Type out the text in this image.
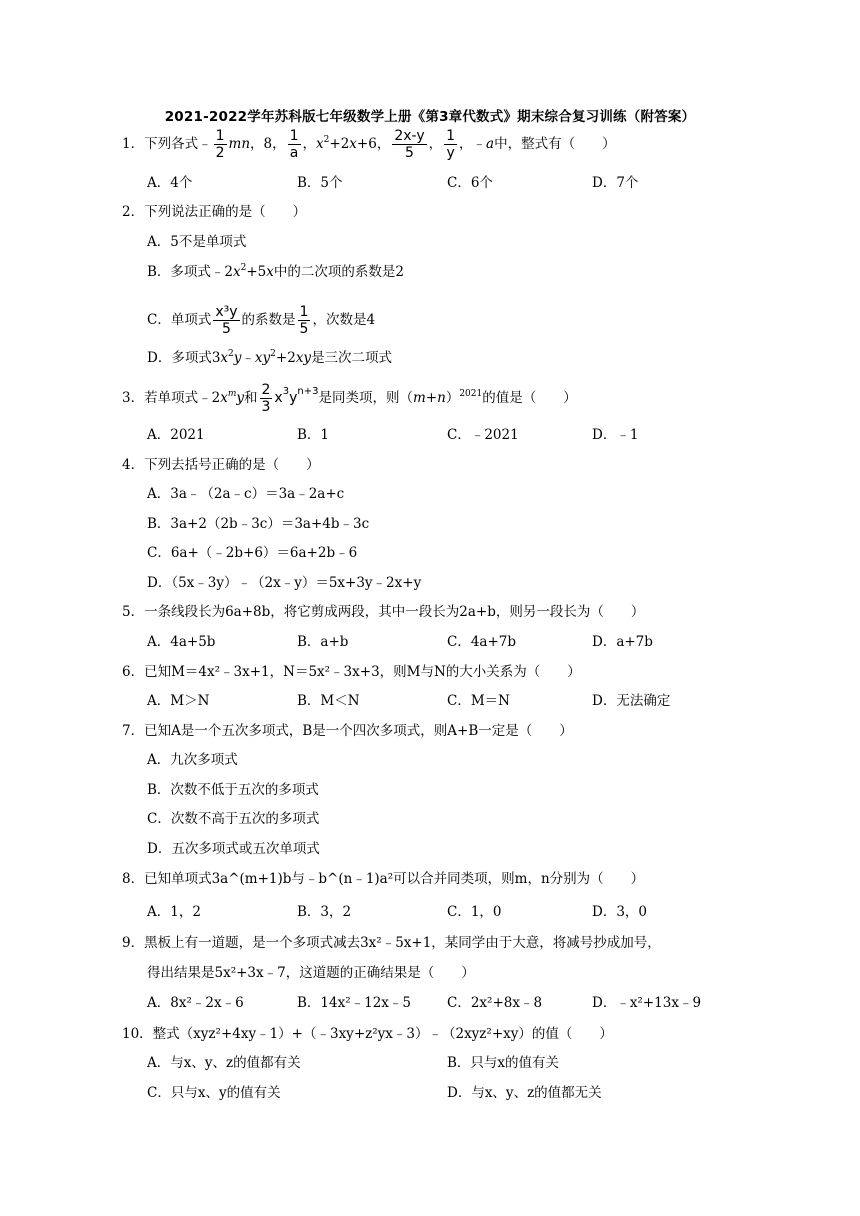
2021-2022学年苏科版七年级数学上册《第3章代数式》期末综合复习训练（附答案）
1．下列各式﹣ $\frac{1}{2}$ mn，8， $\frac{1}{a}$ ，$x^2+2x+6$， $\frac{2x-y}{5}$ ， $\frac{1}{y}$ ，﹣a中，整式有（　　）
A．4个	B．5个	C．6个	D．7个
2．下列说法正确的是（　　）
A．5不是单项式
B．多项式$﹣2x^2+5x$中的二次项的系数是2
C．单项式 $\frac{\text{x³y}}{5}$ 的系数是 $\frac{1}{5}$ ，次数是4
D．多项式$3x^2y﹣xy^2+2xy$是三次二项式
3．若单项式$﹣2x^my$和 $\frac{2}{3} x^3y^{n+3}$是同类项，则$(m+n)^{2021}$的值是（　　）
A．2021	B．1	C．﹣2021	D．﹣1
4．下列去括号正确的是（　　）
A．3a﹣（2a﹣c）＝3a﹣2a+c
B．3a+2（2b﹣3c）＝3a+4b﹣3c
C．6a+（﹣2b+6）＝6a+2b﹣6
D．（5x﹣3y）﹣（2x﹣y）＝5x+3y﹣2x+y
5．一条线段长为6a+8b，将它剪成两段，其中一段长为2a+b，则另一段长为（　　）
A．4a+5b	B．a+b	C．4a+7b	D．a+7b
6．已知M＝4x²﹣3x+1，N＝5x²﹣3x+3，则M与N的大小关系为（　　）
A．M＞N	B．M＜N	C．M＝N	D．无法确定
7．已知A是一个五次多项式，B是一个四次多项式，则A+B一定是（　　）
A．九次多项式
B．次数不低于五次的多项式
C．次数不高于五次的多项式
D．五次多项式或五次单项式
8．已知单项式3a^(m+1)b与﹣b^(n﹣1)a²可以合并同类项，则m，n分别为（　　）
A．1，2	B．3，2	C．1，0	D．3，0
9．黑板上有一道题，是一个多项式减去3x²﹣5x+1，某同学由于大意，将减号抄成加号，
得出结果是5x²+3x﹣7，这道题的正确结果是（　　）
A．8x²﹣2x﹣6	B．14x²﹣12x﹣5	C．2x²+8x﹣8	D．﹣x²+13x﹣9
10．整式（xyz²+4xy﹣1）+（﹣3xy+z²yx﹣3）﹣（2xyz²+xy）的值（　　）
A．与x、y、z的值都有关	B．只与x的值有关
C．只与x、y的值有关	D．与x、y、z的值都无关
